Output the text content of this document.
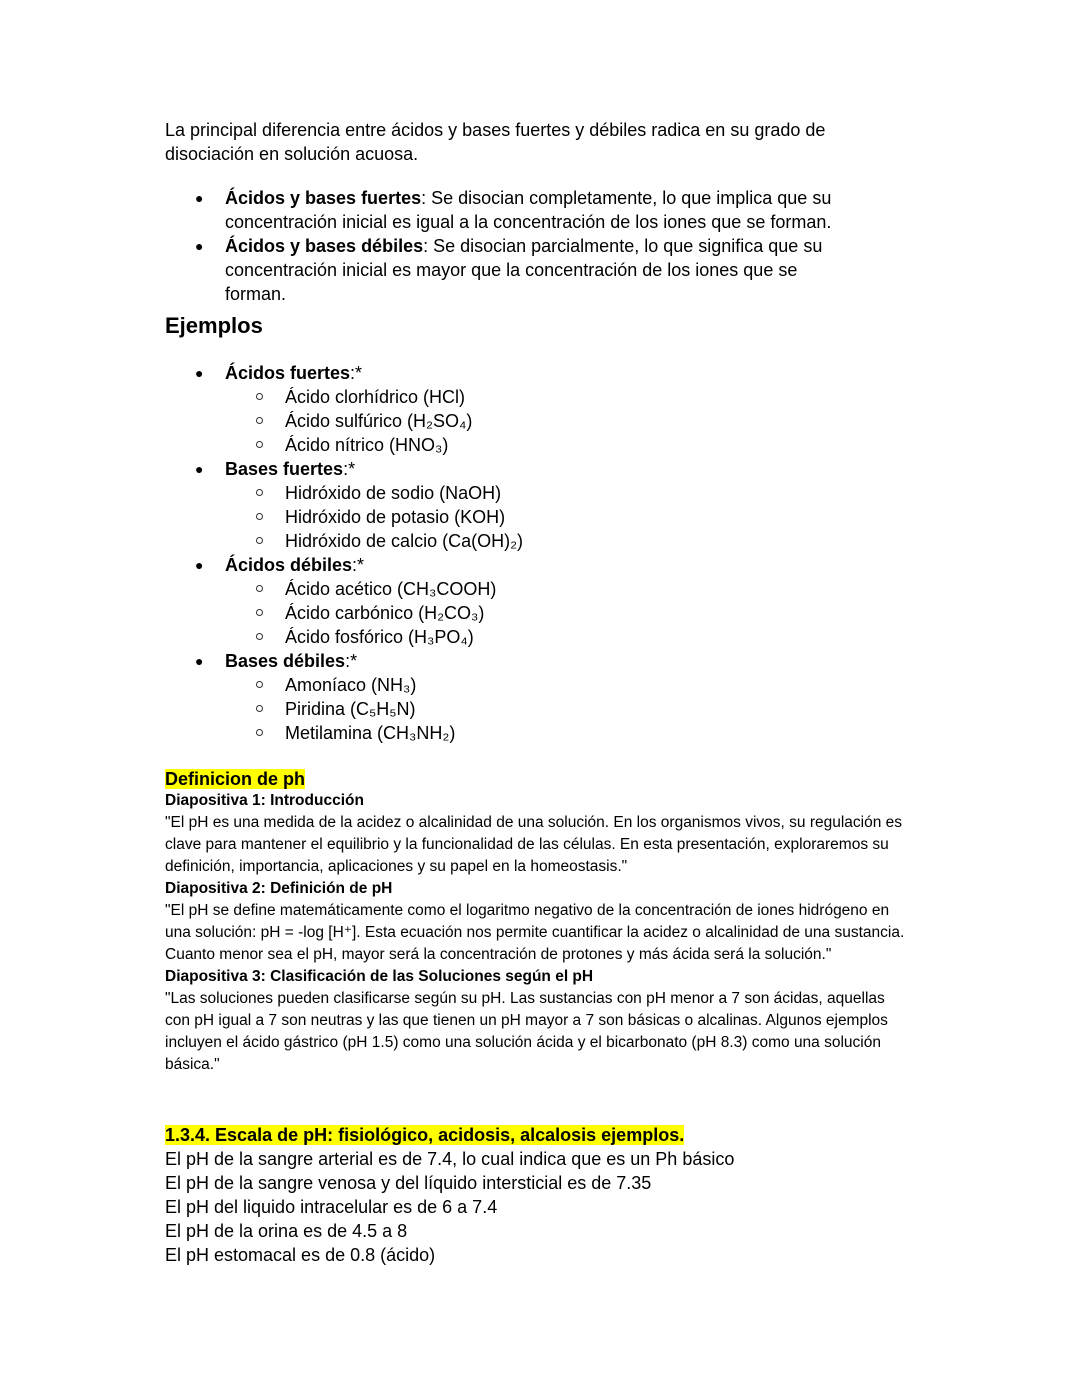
La principal diferencia entre ácidos y bases fuertes y débiles radica en su grado de disociación en solución acuosa.

● Ácidos y bases fuertes: Se disocian completamente, lo que implica que su concentración inicial es igual a la concentración de los iones que se forman.
● Ácidos y bases débiles: Se disocian parcialmente, lo que significa que su concentración inicial es mayor que la concentración de los iones que se forman.
Ejemplos
● Ácidos fuertes:*
Ácido clorhídrico (HCl)
Ácido sulfúrico (H₂SO₄)
Ácido nítrico (HNO₃)
● Bases fuertes:*
Hidróxido de sodio (NaOH)
Hidróxido de potasio (KOH)
Hidróxido de calcio (Ca(OH)₂)
● Ácidos débiles:*
Ácido acético (CH₃COOH)
Ácido carbónico (H₂CO₃)
Ácido fosfórico (H₃PO₄)
● Bases débiles:*
Amoníaco (NH₃)
Piridina (C₅H₅N)
Metilamina (CH₃NH₂)
Definicion de ph
Diapositiva 1: Introducción
"El pH es una medida de la acidez o alcalinidad de una solución. En los organismos vivos, su regulación es clave para mantener el equilibrio y la funcionalidad de las células. En esta presentación, exploraremos su definición, importancia, aplicaciones y su papel en la homeostasis."
Diapositiva 2: Definición de pH
"El pH se define matemáticamente como el logaritmo negativo de la concentración de iones hidrógeno en una solución: pH = -log [H⁺]. Esta ecuación nos permite cuantificar la acidez o alcalinidad de una sustancia. Cuanto menor sea el pH, mayor será la concentración de protones y más ácida será la solución."
Diapositiva 3: Clasificación de las Soluciones según el pH
"Las soluciones pueden clasificarse según su pH. Las sustancias con pH menor a 7 son ácidas, aquellas con pH igual a 7 son neutras y las que tienen un pH mayor a 7 son básicas o alcalinas. Algunos ejemplos incluyen el ácido gástrico (pH 1.5) como una solución ácida y el bicarbonato (pH 8.3) como una solución básica."
1.3.4. Escala de pH: fisiológico, acidosis, alcalosis ejemplos.
El pH de la sangre arterial es de 7.4, lo cual indica que es un Ph básico
El pH de la sangre venosa y del líquido intersticial es de 7.35
El pH del liquido intracelular es de 6 a 7.4
El pH de la orina es de 4.5 a 8
El pH estomacal es de 0.8 (ácido)
